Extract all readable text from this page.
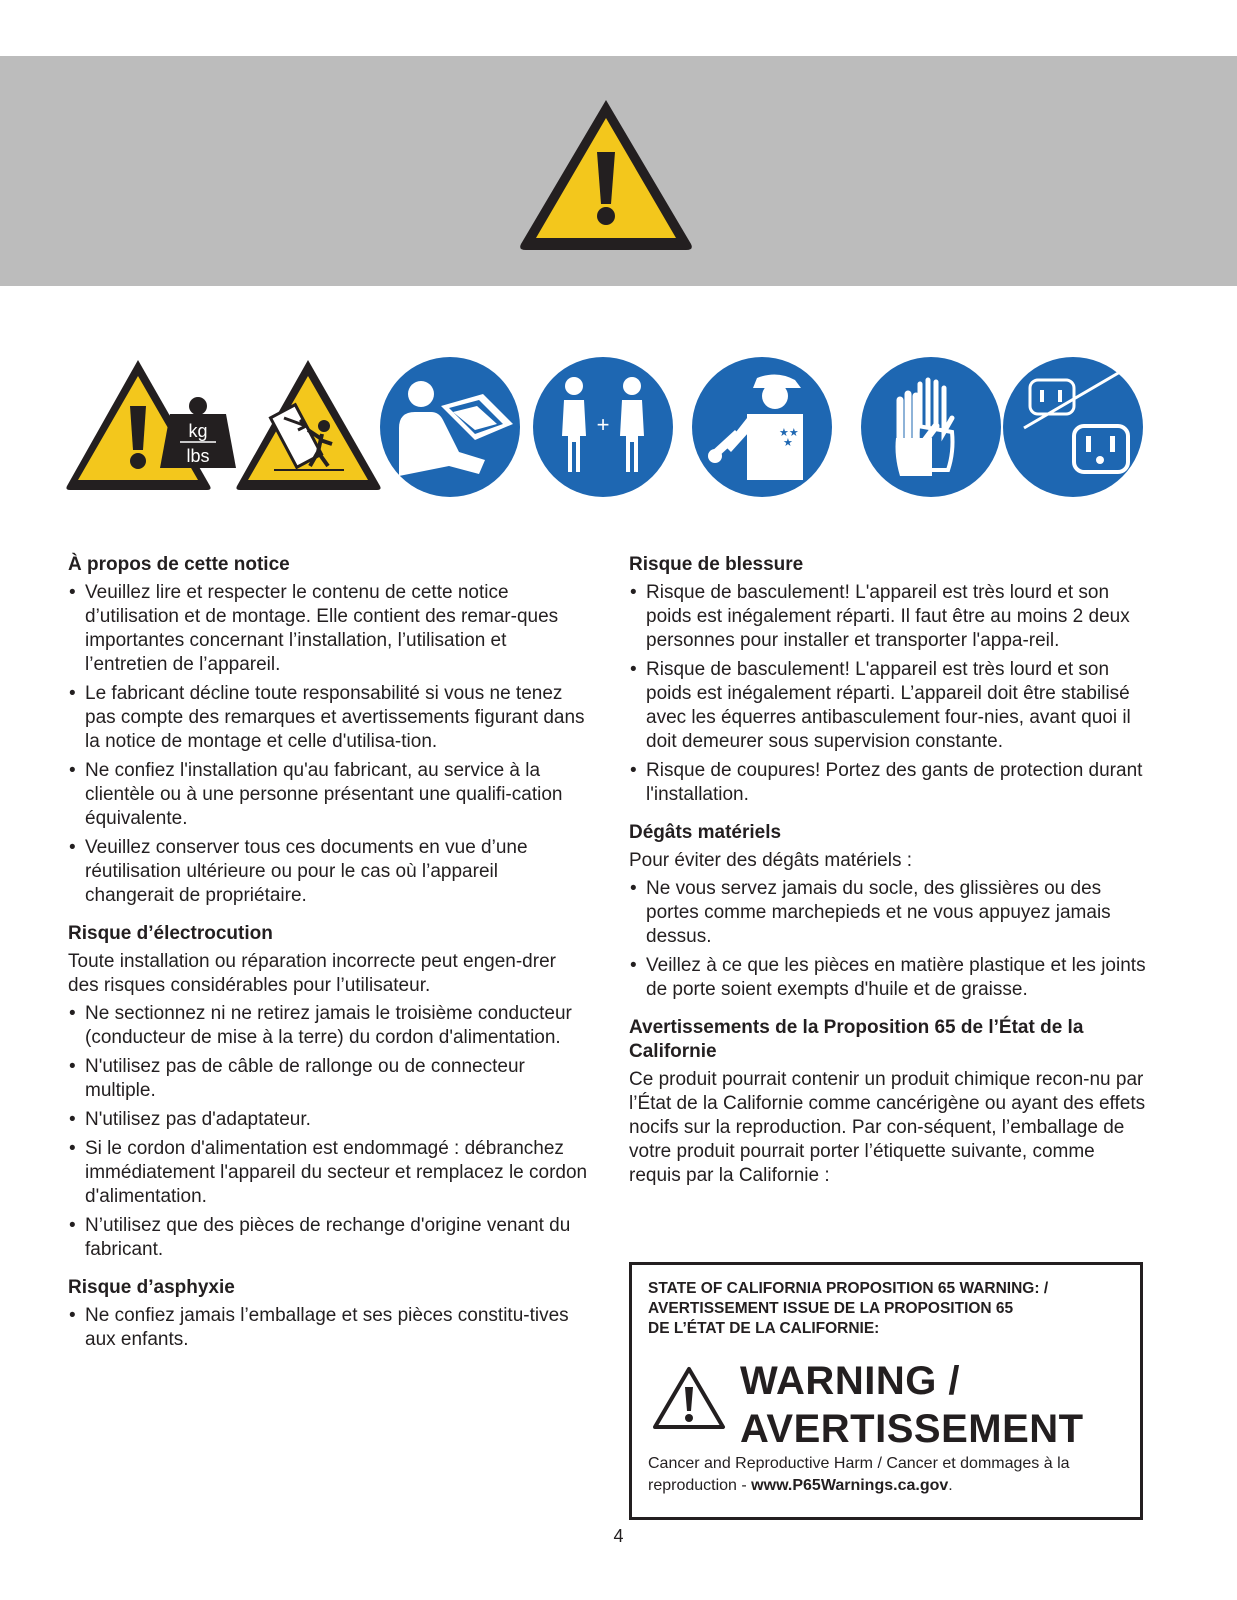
kg
lbs
+	★★
★
À propos de cette notice
• Veuillez lire et respecter le contenu de cette notice d’utilisation et de montage. Elle contient des remar-ques importantes concernant l’installation, l’utilisation et l’entretien de l’appareil.
• Le fabricant décline toute responsabilité si vous ne tenez pas compte des remarques et avertissements figurant dans la notice de montage et celle d'utilisa-tion.
• Ne confiez l'installation qu'au fabricant, au service à la clientèle ou à une personne présentant une qualifi-cation équivalente.
• Veuillez conserver tous ces documents en vue d’une réutilisation ultérieure ou pour le cas où l’appareil changerait de propriétaire.
Risque d’électrocution

Toute installation ou réparation incorrecte peut engen-drer des risques considérables pour l’utilisateur.

• Ne sectionnez ni ne retirez jamais le troisième conducteur (conducteur de mise à la terre) du cordon d'alimentation.
• N'utilisez pas de câble de rallonge ou de connecteur multiple.
• N'utilisez pas d'adaptateur.
• Si le cordon d'alimentation est endommagé : débranchez immédiatement l'appareil du secteur et remplacez le cordon d'alimentation.
• N’utilisez que des pièces de rechange d'origine venant du fabricant.
Risque d’asphyxie
• Ne confiez jamais l’emballage et ses pièces constitu-tives aux enfants.
Risque de blessure
• Risque de basculement! L'appareil est très lourd et son poids est inégalement réparti. Il faut être au moins 2 deux personnes pour installer et transporter l'appa-reil.
• Risque de basculement! L'appareil est très lourd et son poids est inégalement réparti. L’appareil doit être stabilisé avec les équerres antibasculement four-nies, avant quoi il doit demeurer sous supervision constante.
• Risque de coupures! Portez des gants de protection durant l'installation.
Dégâts matériels

Pour éviter des dégâts matériels :

• Ne vous servez jamais du socle, des glissières ou des portes comme marchepieds et ne vous appuyez jamais dessus.
• Veillez à ce que les pièces en matière plastique et les joints de porte soient exempts d'huile et de graisse.
Avertissements de la Proposition 65 de l’État de la Californie

Ce produit pourrait contenir un produit chimique recon-nu par l’État de la Californie comme cancérigène ou ayant des effets nocifs sur la reproduction. Par con-séquent, l’emballage de votre produit pourrait porter l’étiquette suivante, comme requis par la Californie :

STATE OF CALIFORNIA PROPOSITION 65 WARNING: /
AVERTISSEMENT ISSUE DE LA PROPOSITION 65
DE L’ÉTAT DE LA CALIFORNIE:
WARNING /
AVERTISSEMENT
Cancer and Reproductive Harm / Cancer et dommages à la reproduction - www.P65Warnings.ca.gov.
4
